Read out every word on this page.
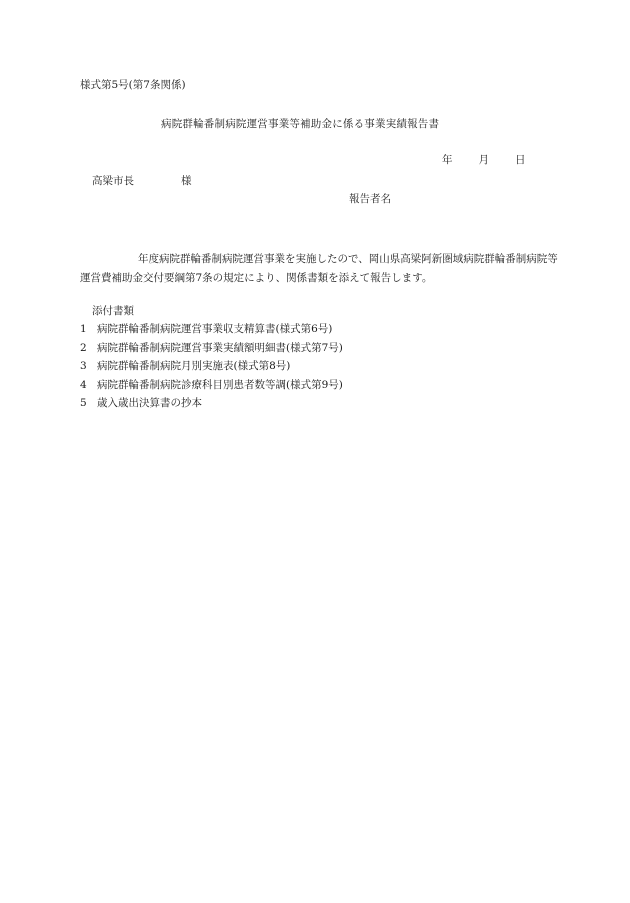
様式第5号(第7条関係)
病院群輪番制病院運営事業等補助金に係る事業実績報告書
年 月 日
高梁市長	様
報告者名
年度病院群輪番制病院運営事業を実施したので、岡山県高梁阿新圏域病院群輪番制病院等運営費補助金交付要綱第7条の規定により、関係書類を添えて報告します。
添付書類
1 病院群輪番制病院運営事業収支精算書(様式第6号)
2 病院群輪番制病院運営事業実績額明細書(様式第7号)
3 病院群輪番制病院月別実施表(様式第8号)
4 病院群輪番制病院診療科目別患者数等調(様式第9号)
5 歳入歳出決算書の抄本
